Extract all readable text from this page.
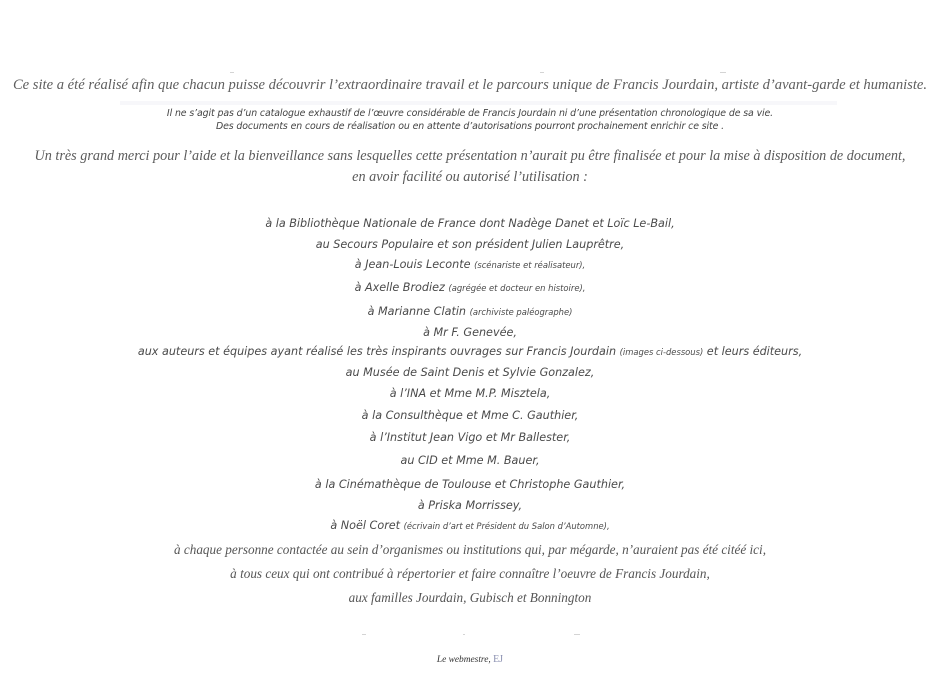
Ce site a été réalisé afin que chacun puisse découvrir l’extraordinaire travail et le parcours unique de Francis Jourdain, artiste d’avant-garde et humaniste.

Il ne s’agit pas d’un catalogue exhaustif de l’œuvre considérable de Francis Jourdain ni d’une présentation chronologique de sa vie.

Des documents en cours de réalisation ou en attente d’autorisations pourront prochainement enrichir ce site .

Un très grand merci pour l’aide et la bienveillance sans lesquelles cette présentation n’aurait pu être finalisée et pour la mise à disposition de document,

en avoir facilité ou autorisé l’utilisation :

à la Bibliothèque Nationale de France dont Nadège Danet et Loïc Le-Bail,

au Secours Populaire et son président Julien Lauprêtre,

à Jean-Louis Leconte (scénariste et réalisateur),

à Axelle Brodiez (agrégée et docteur en histoire),

à Marianne Clatin (archiviste paléographe)

à Mr F. Genevée,

aux auteurs et équipes ayant réalisé les très inspirants ouvrages sur Francis Jourdain (images ci-dessous) et leurs éditeurs,

au Musée de Saint Denis et Sylvie Gonzalez,

à l’INA et Mme M.P. Misztela,

à la Consulthèque et Mme C. Gauthier,

à l’Institut Jean Vigo et Mr Ballester,

au CID et Mme M. Bauer,

à la Cinémathèque de Toulouse et Christophe Gauthier,

à Priska Morrissey,

à Noël Coret (écrivain d’art et Président du Salon d’Automne),

à chaque personne contactée au sein d’organismes ou institutions qui, par mégarde, n’auraient pas été citéé ici,

à tous ceux qui ont contribué à répertorier et faire connaître l’oeuvre de Francis Jourdain,

aux familles Jourdain, Gubisch et Bonnington

Le webmestre, ЕJ
